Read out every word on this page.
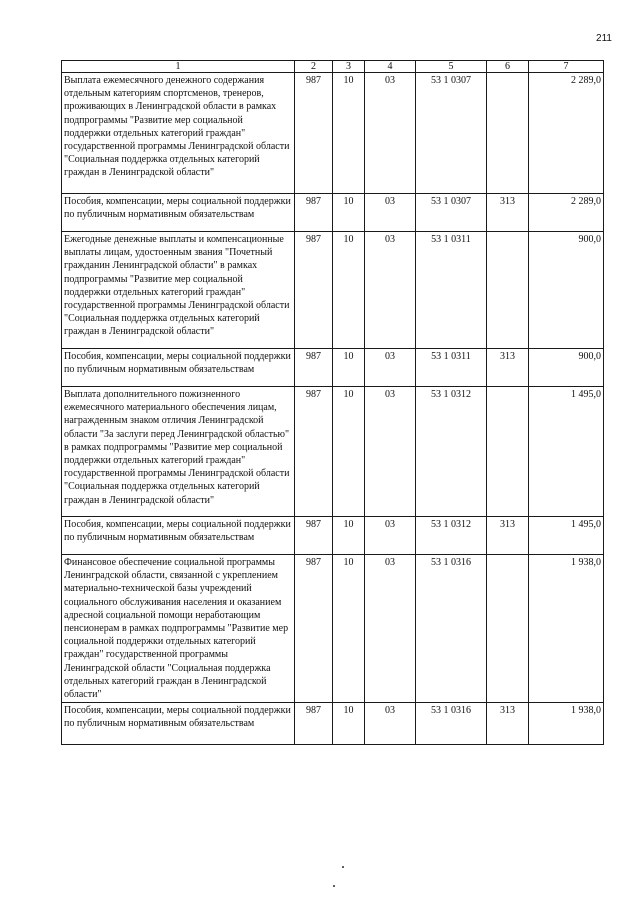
211
1	2	3	4	5	6	7
Выплата ежемесячного денежного содержания отдельным категориям спортсменов, тренеров, проживающих в Ленинградской области в рамках подпрограммы "Развитие мер социальной поддержки отдельных категорий граждан" государственной программы Ленинградской области "Социальная поддержка отдельных категорий граждан в Ленинградской области"	987	10	03	53 1 0307		2 289,0
Пособия, компенсации, меры социальной поддержки по публичным нормативным обязательствам	987	10	03	53 1 0307	313	2 289,0
Ежегодные денежные выплаты и компенсационные выплаты лицам, удостоенным звания "Почетный гражданин Ленинградской области" в рамках подпрограммы "Развитие мер социальной поддержки отдельных категорий граждан" государственной программы Ленинградской области "Социальная поддержка отдельных категорий граждан в Ленинградской области"	987	10	03	53 1 0311		900,0
Пособия, компенсации, меры социальной поддержки по публичным нормативным обязательствам	987	10	03	53 1 0311	313	900,0
Выплата дополнительного пожизненного ежемесячного материального обеспечения лицам, награжденным знаком отличия Ленинградской области "За заслуги перед Ленинградской областью" в рамках подпрограммы "Развитие мер социальной поддержки отдельных категорий граждан" государственной программы Ленинградской области "Социальная поддержка отдельных категорий граждан в Ленинградской области"	987	10	03	53 1 0312		1 495,0
Пособия, компенсации, меры социальной поддержки по публичным нормативным обязательствам	987	10	03	53 1 0312	313	1 495,0
Финансовое обеспечение социальной программы Ленинградской области, связанной с укреплением материально-технической базы учреждений социального обслуживания населения и оказанием адресной социальной помощи неработающим пенсионерам в рамках подпрограммы "Развитие мер социальной поддержки отдельных категорий граждан" государственной программы Ленинградской области "Социальная поддержка отдельных категорий граждан в Ленинградской области"	987	10	03	53 1 0316		1 938,0
Пособия, компенсации, меры социальной поддержки по публичным нормативным обязательствам	987	10	03	53 1 0316	313	1 938,0
